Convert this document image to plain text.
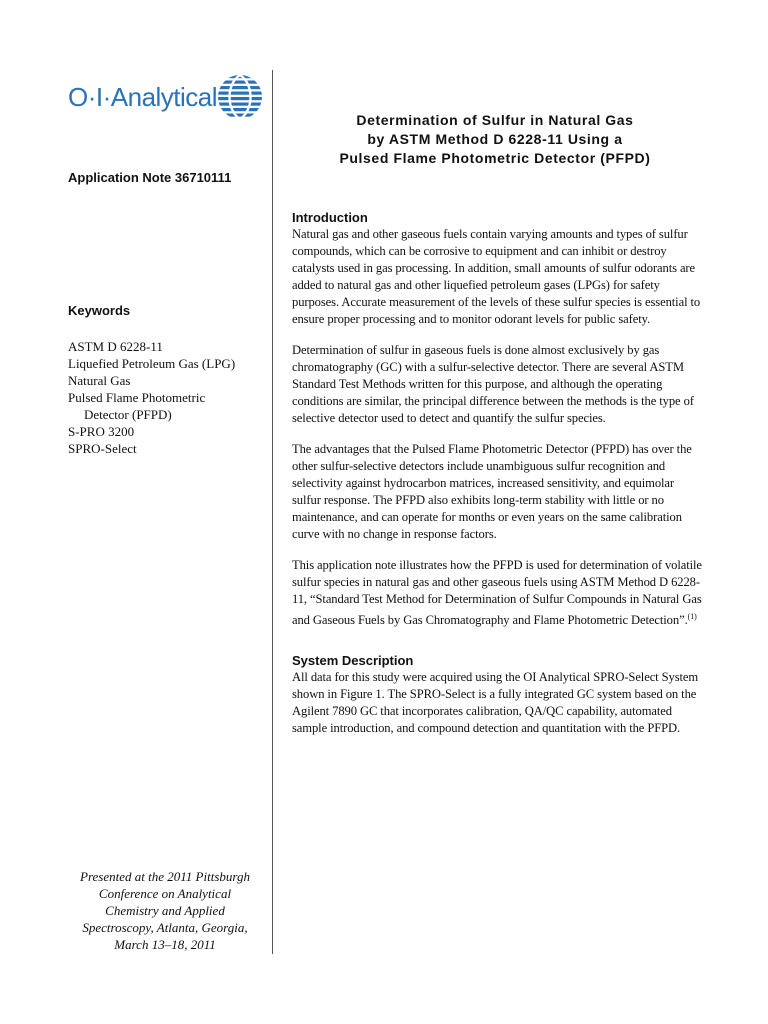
O·I·Analytical
Application Note 36710111
Keywords
ASTM D 6228-11
Liquefied Petroleum Gas (LPG)
Natural Gas
Pulsed Flame Photometric
Detector (PFPD)
S-PRO 3200
SPRO-Select
Presented at the 2011 Pittsburgh
Conference on Analytical
Chemistry and Applied
Spectroscopy, Atlanta, Georgia,
March 13–18, 2011
Determination of Sulfur in Natural Gas
by ASTM Method D 6228-11 Using a
Pulsed Flame Photometric Detector (PFPD)
Introduction

Natural gas and other gaseous fuels contain varying amounts and types of sulfur compounds, which can be corrosive to equipment and can inhibit or destroy catalysts used in gas processing. In addition, small amounts of sulfur odorants are added to natural gas and other liquefied petroleum gases (LPGs) for safety purposes. Accurate measurement of the levels of these sulfur species is essential to ensure proper processing and to monitor odorant levels for public safety.

Determination of sulfur in gaseous fuels is done almost exclusively by gas chromatography (GC) with a sulfur-selective detector. There are several ASTM Standard Test Methods written for this purpose, and although the operating conditions are similar, the principal difference between the methods is the type of selective detector used to detect and quantify the sulfur species.

The advantages that the Pulsed Flame Photometric Detector (PFPD) has over the other sulfur-selective detectors include unambiguous sulfur recognition and selectivity against hydrocarbon matrices, increased sensitivity, and equimolar sulfur response. The PFPD also exhibits long-term stability with little or no maintenance, and can operate for months or even years on the same calibration curve with no change in response factors.

This application note illustrates how the PFPD is used for determination of volatile sulfur species in natural gas and other gaseous fuels using ASTM Method D 6228-11, “Standard Test Method for Determination of Sulfur Compounds in Natural Gas and Gaseous Fuels by Gas Chromatography and Flame Photometric Detection”.$^{(1)}$

System Description

All data for this study were acquired using the OI Analytical SPRO-Select System shown in Figure 1. The SPRO-Select is a fully integrated GC system based on the Agilent 7890 GC that incorporates calibration, QA/QC capability, automated sample introduction, and compound detection and quantitation with the PFPD.
